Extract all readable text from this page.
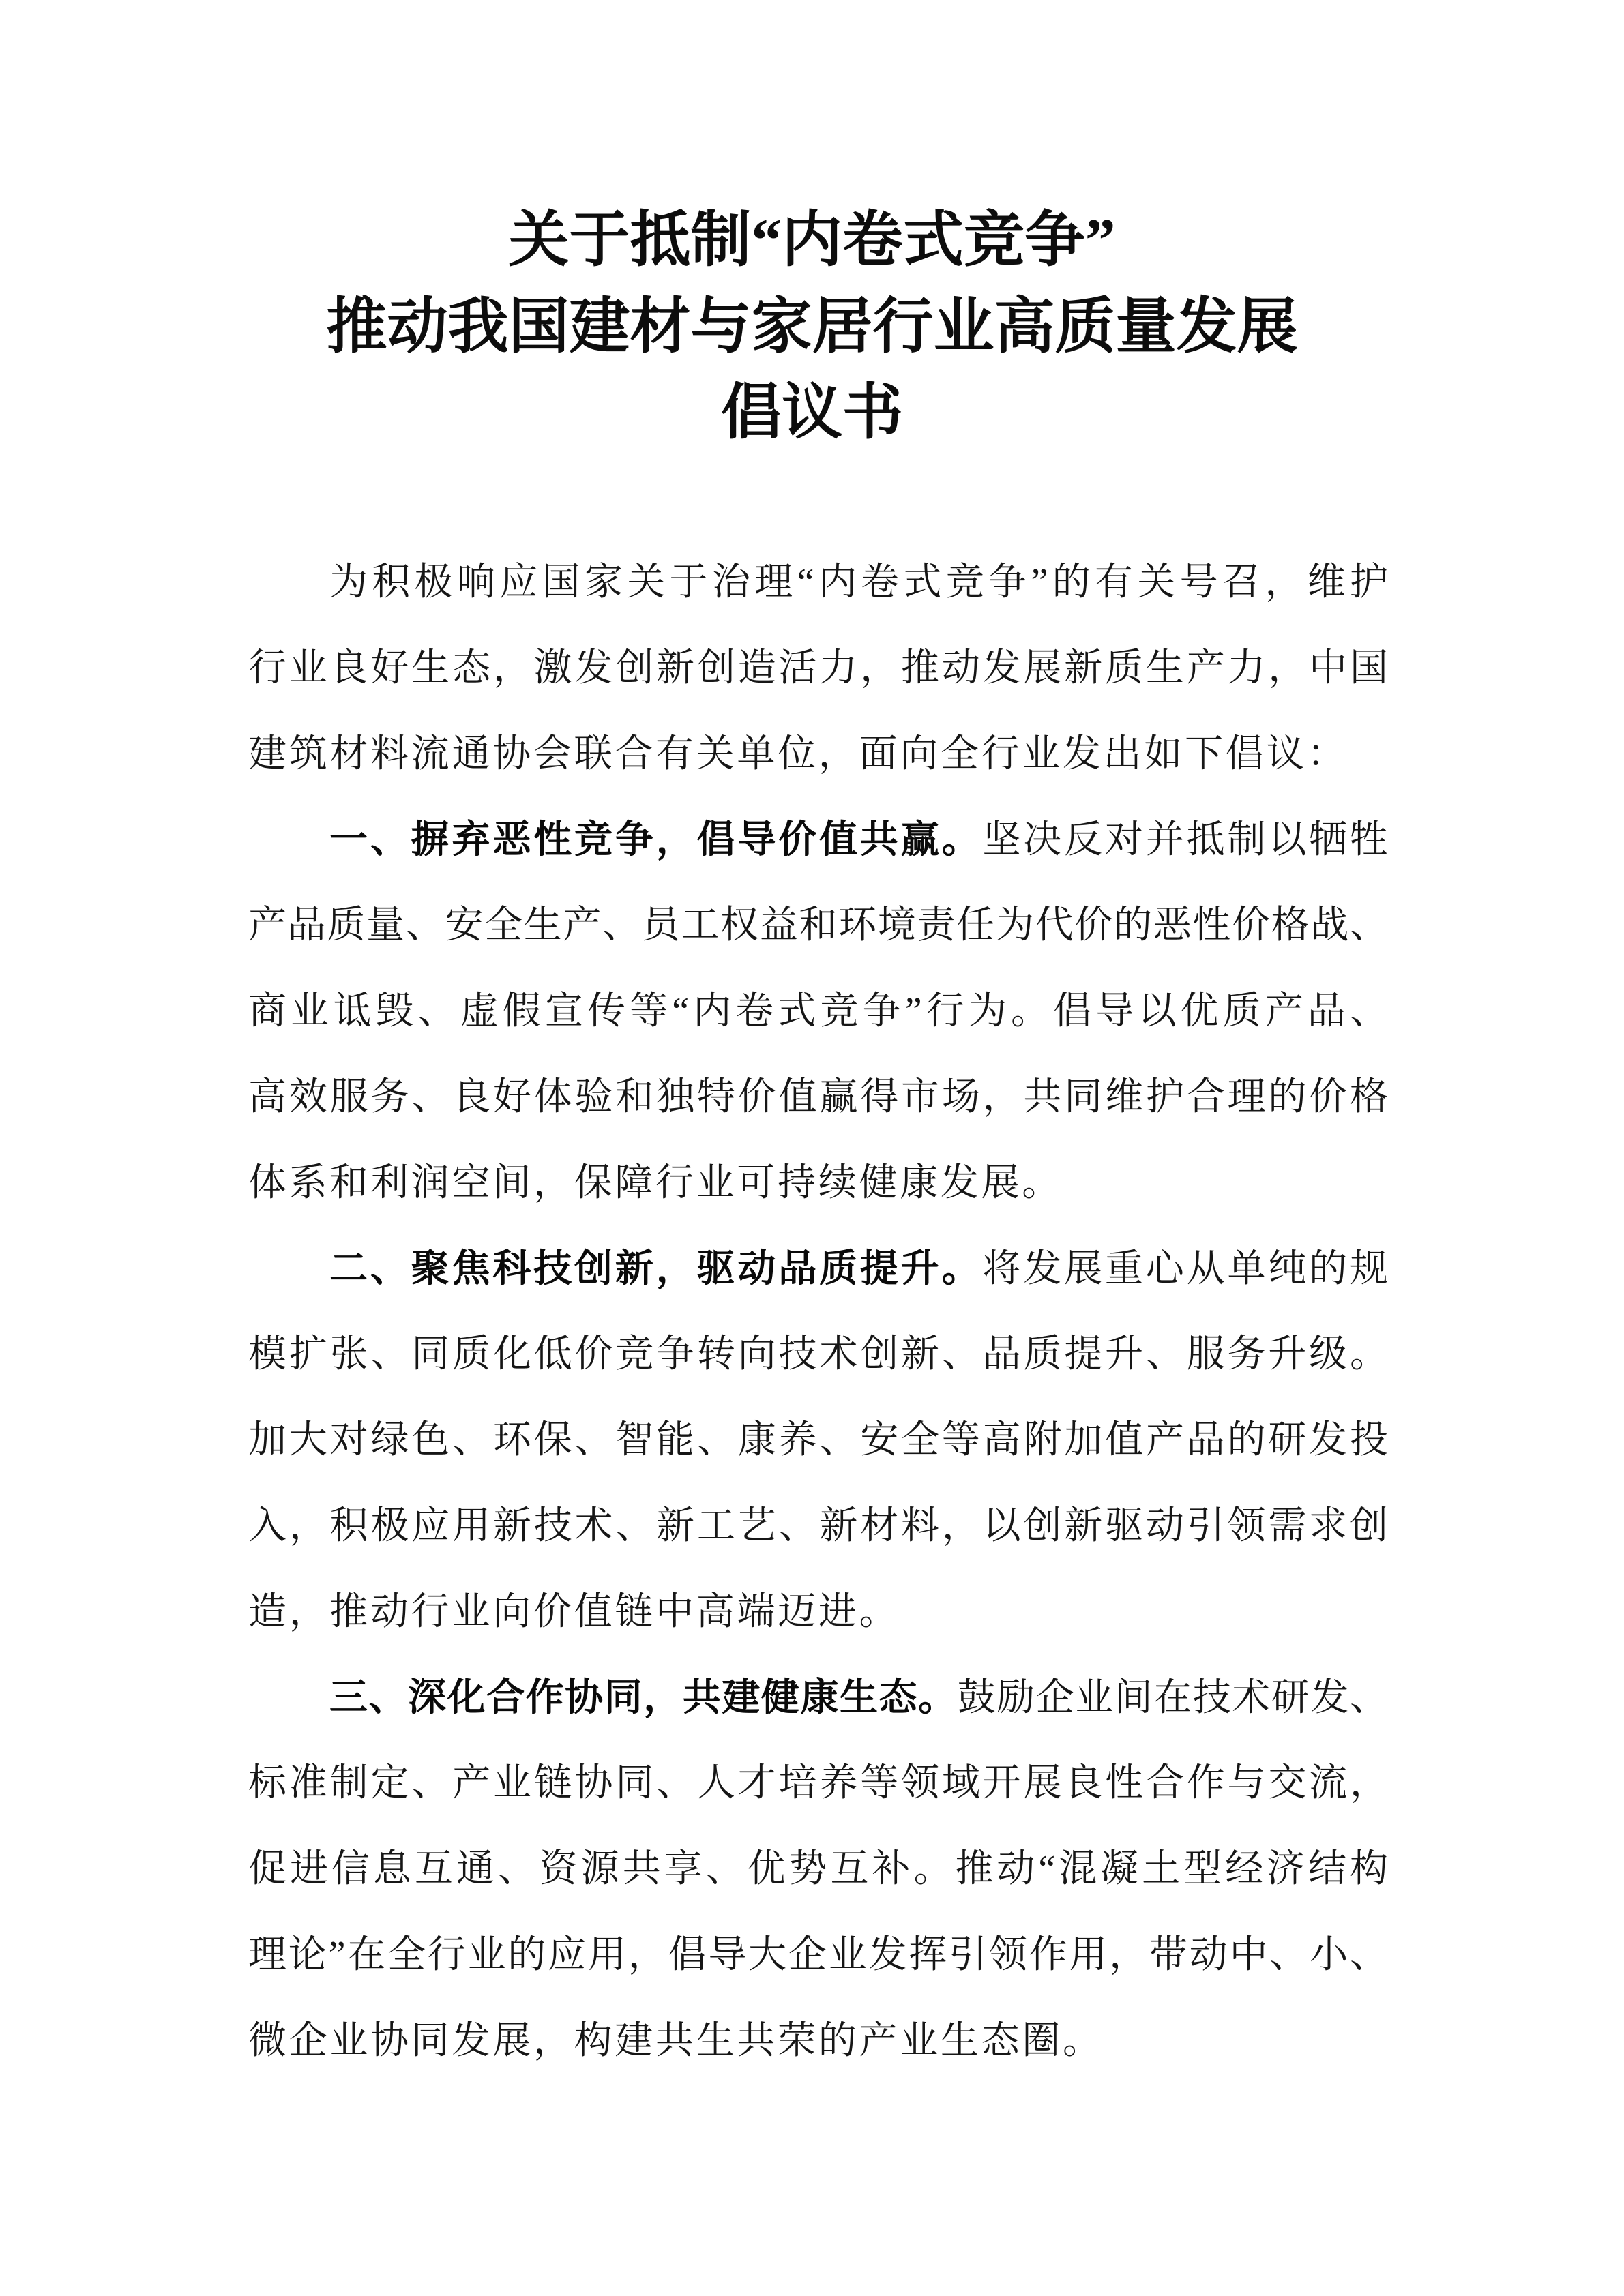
关于抵制“内卷式竞争”
推动我国建材与家居行业高质量发展
倡议书
为积极响应国家关于治理“内卷式竞争”的有关号召，维护
行业良好生态，激发创新创造活力，推动发展新质生产力，中国
建筑材料流通协会联合有关单位，面向全行业发出如下倡议：
一、摒弃恶性竞争，倡导价值共赢。坚决反对并抵制以牺牲
产品质量、安全生产、员工权益和环境责任为代价的恶性价格战、
商业诋毁、虚假宣传等“内卷式竞争”行为。倡导以优质产品、
高效服务、良好体验和独特价值赢得市场，共同维护合理的价格
体系和利润空间，保障行业可持续健康发展。
二、聚焦科技创新，驱动品质提升。将发展重心从单纯的规
模扩张、同质化低价竞争转向技术创新、品质提升、服务升级。
加大对绿色、环保、智能、康养、安全等高附加值产品的研发投
入，积极应用新技术、新工艺、新材料，以创新驱动引领需求创
造，推动行业向价值链中高端迈进。
三、深化合作协同，共建健康生态。鼓励企业间在技术研发、
标准制定、产业链协同、人才培养等领域开展良性合作与交流，
促进信息互通、资源共享、优势互补。推动“混凝土型经济结构
理论”在全行业的应用，倡导大企业发挥引领作用，带动中、小、
微企业协同发展，构建共生共荣的产业生态圈。
